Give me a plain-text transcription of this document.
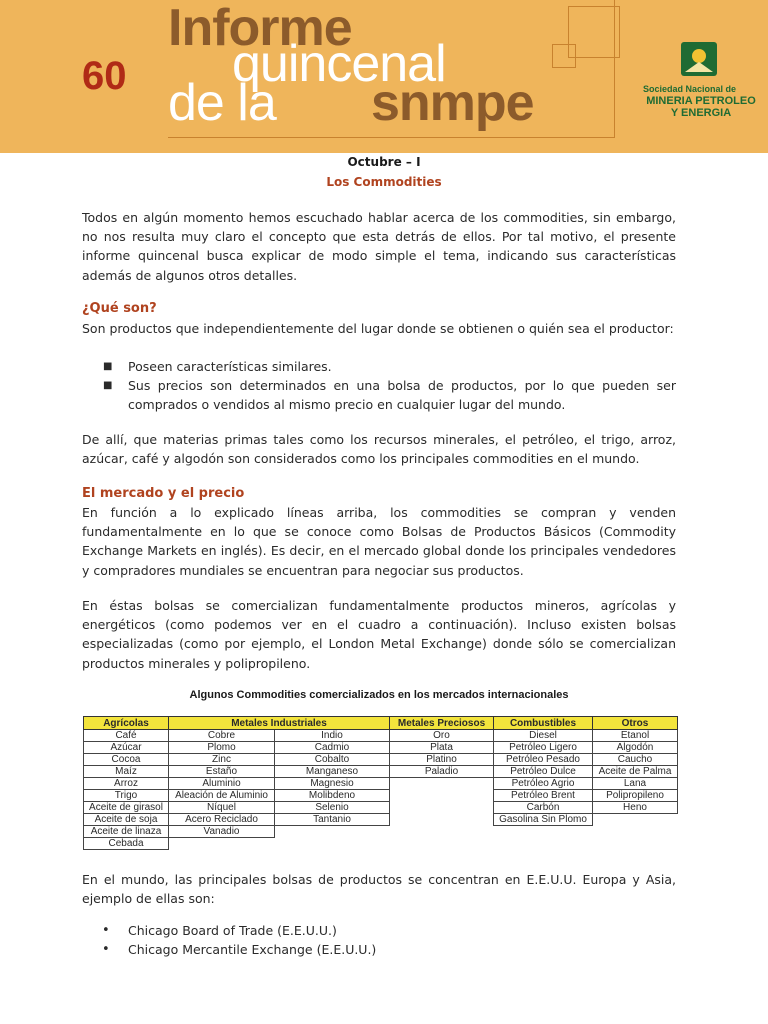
60
Informe
quincenal
de la snmpe	Sociedad Nacional de
MINERIA PETROLEO
Y ENERGIA
Octubre – I
Los Commodities
Todos en algún momento hemos escuchado hablar acerca de los commodities, sin embargo, no nos resulta muy claro el concepto que esta detrás de ellos. Por tal motivo, el presente informe quincenal busca explicar de modo simple el tema, indicando sus características además de algunos otros detalles.
¿Qué son?
Son productos que independientemente del lugar donde se obtienen o quién sea el productor:
■ Poseen características similares.
■ Sus precios son determinados en una bolsa de productos, por lo que pueden ser comprados o vendidos al mismo precio en cualquier lugar del mundo.
De allí, que materias primas tales como los recursos minerales, el petróleo, el trigo, arroz, azúcar, café y algodón son considerados como los principales commodities en el mundo.
El mercado y el precio
En función a lo explicado líneas arriba, los commodities se compran y venden fundamentalmente en lo que se conoce como Bolsas de Productos Básicos (Commodity Exchange Markets en inglés). Es decir, en el mercado global donde los principales vendedores y compradores mundiales se encuentran para negociar sus productos.
En éstas bolsas se comercializan fundamentalmente productos mineros, agrícolas y energéticos (como podemos ver en el cuadro a continuación). Incluso existen bolsas especializadas (como por ejemplo, el London Metal Exchange) donde sólo se comercializan productos minerales y polipropileno.
Algunos Commodities comercializados en los mercados internacionales
Agrícolas	Metales Industriales		Metales Preciosos	Combustibles	Otros
Café	Cobre	Indio	Oro	Diesel	Etanol
Azúcar	Plomo	Cadmio	Plata	Petróleo Ligero	Algodón
Cocoa	Zinc	Cobalto	Platino	Petróleo Pesado	Caucho
Maíz	Estaño	Manganeso	Paladio	Petróleo Dulce	Aceite de Palma
Arroz	Aluminio	Magnesio		Petróleo Agrio	Lana
Trigo	Aleación de Aluminio	Molibdeno		Petróleo Brent	Polipropileno
Aceite de girasol	Níquel	Selenio		Carbón	Heno
Aceite de soja	Acero Reciclado	Tantanio		Gasolina Sin Plomo	
Aceite de linaza	Vanadio				
Cebada					
En el mundo, las principales bolsas de productos se concentran en E.E.U.U. Europa y Asia, ejemplo de ellas son:
• Chicago Board of Trade (E.E.U.U.)
• Chicago Mercantile Exchange (E.E.U.U.)
